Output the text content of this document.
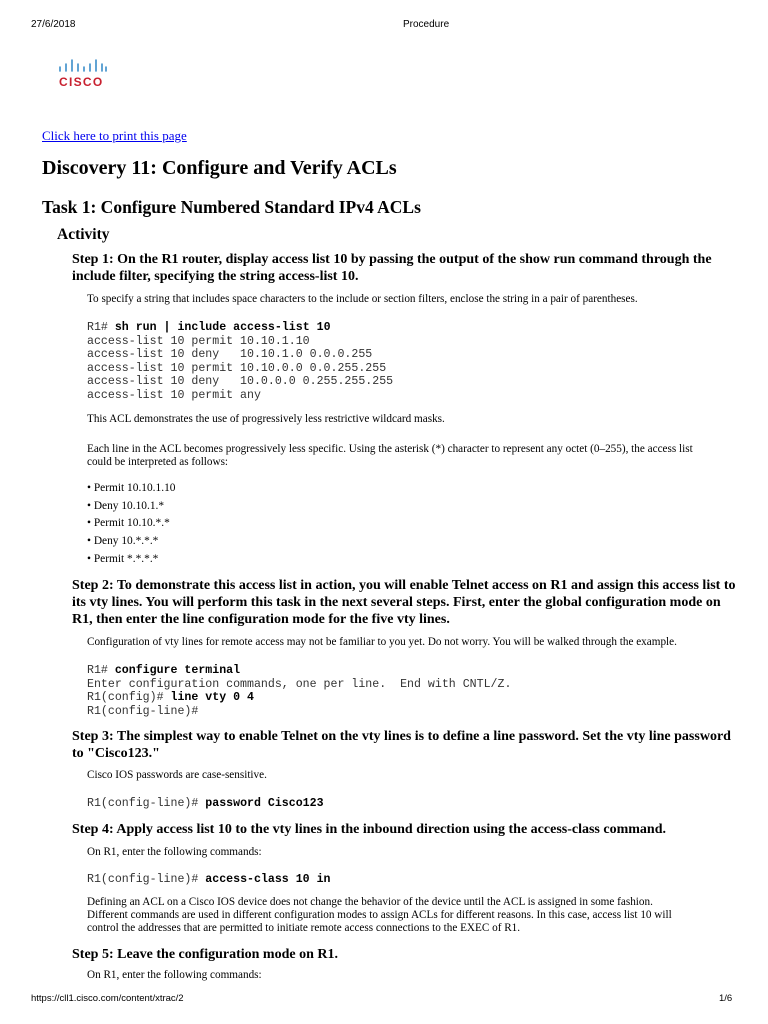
27/6/2018	Procedure
CISCO
Click here to print this page
Discovery 11: Configure and Verify ACLs
Task 1: Configure Numbered Standard IPv4 ACLs
Activity
Step 1: On the R1 router, display access list 10 by passing the output of the show run command through the
include filter, specifying the string access-list 10.

To specify a string that includes space characters to the include or section filters, enclose the string in a pair of parentheses.

R1# sh run | include access-list 10
access-list 10 permit 10.10.1.10
access-list 10 deny   10.10.1.0 0.0.0.255
access-list 10 permit 10.10.0.0 0.0.255.255
access-list 10 deny   10.0.0.0 0.255.255.255
access-list 10 permit any

This ACL demonstrates the use of progressively less restrictive wildcard masks.

Each line in the ACL becomes progressively less specific. Using the asterisk (*) character to represent any octet (0–255), the access list
could be interpreted as follows:

• Permit 10.10.1.10
• Deny 10.10.1.*
• Permit 10.10.*.*
• Deny 10.*.*.*
• Permit *.*.*.*
Step 2: To demonstrate this access list in action, you will enable Telnet access on R1 and assign this access list to
its vty lines. You will perform this task in the next several steps. First, enter the global configuration mode on
R1, then enter the line configuration mode for the five vty lines.

Configuration of vty lines for remote access may not be familiar to you yet. Do not worry. You will be walked through the example.

R1# configure terminal
Enter configuration commands, one per line.  End with CNTL/Z.
R1(config)# line vty 0 4
R1(config-line)#
Step 3: The simplest way to enable Telnet on the vty lines is to define a line password. Set the vty line password
to "Cisco123."

Cisco IOS passwords are case-sensitive.

R1(config-line)# password Cisco123
Step 4: Apply access list 10 to the vty lines in the inbound direction using the access-class command.

On R1, enter the following commands:

R1(config-line)# access-class 10 in

Defining an ACL on a Cisco IOS device does not change the behavior of the device until the ACL is assigned in some fashion.
Different commands are used in different configuration modes to assign ACLs for different reasons. In this case, access list 10 will
control the addresses that are permitted to initiate remote access connections to the EXEC of R1.

Step 5: Leave the configuration mode on R1.

On R1, enter the following commands:

https://cll1.cisco.com/content/xtrac/2	1/6
